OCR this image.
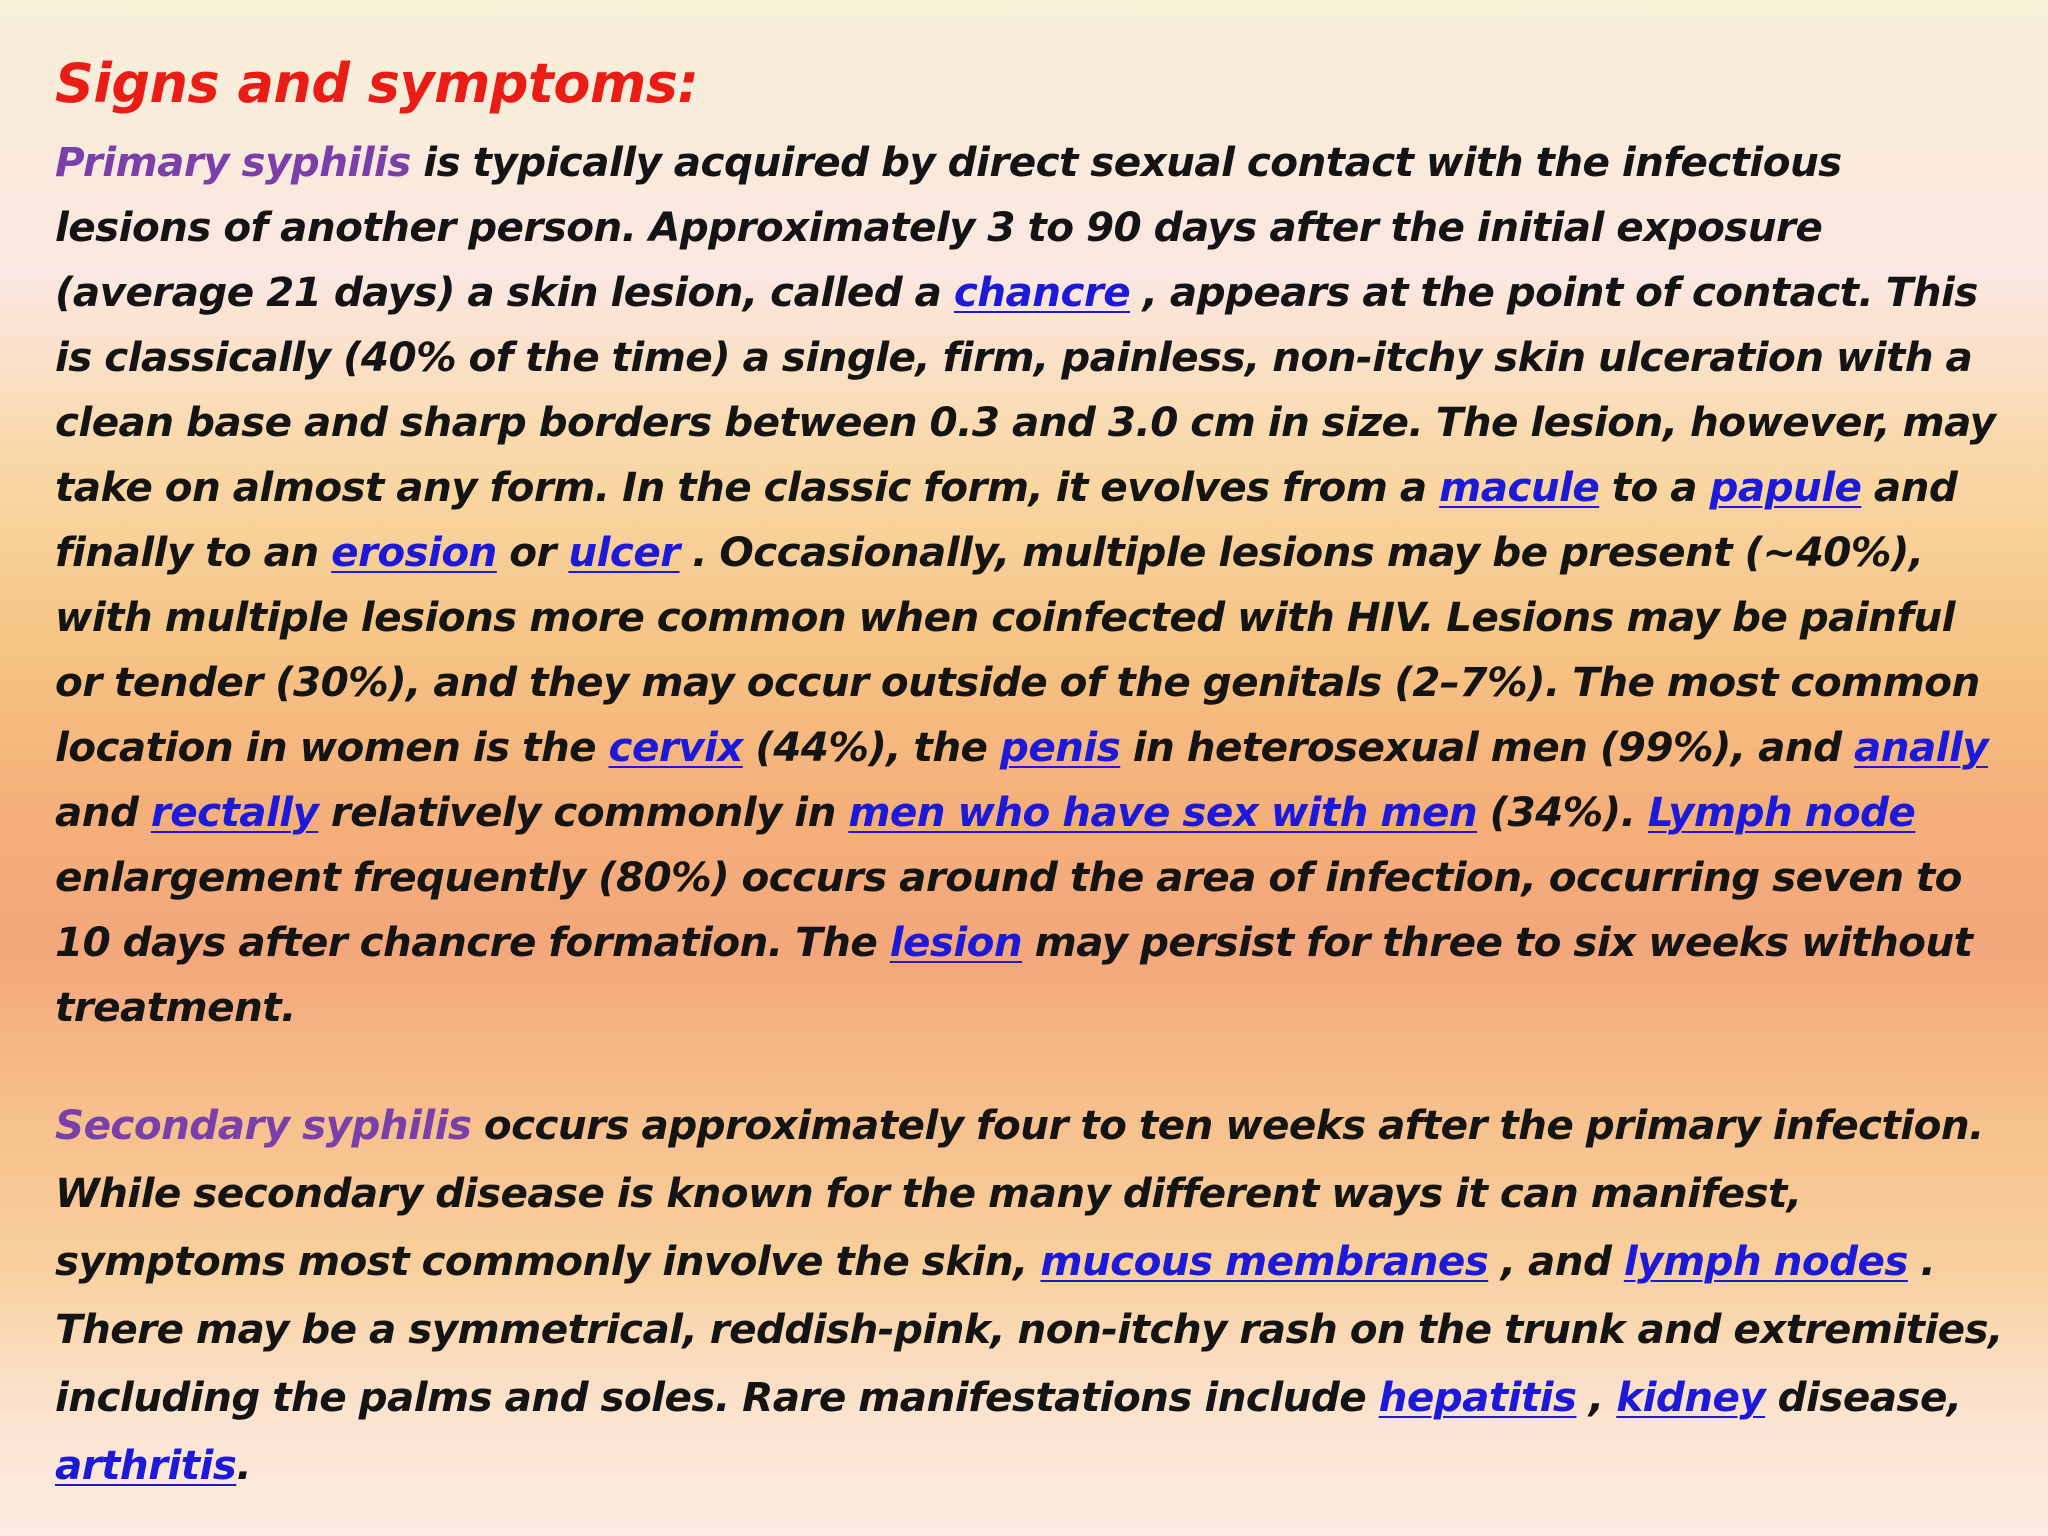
Signs and symptoms:

Primary syphilis is typically acquired by direct sexual contact with the infectious lesions of another person. Approximately 3 to 90 days after the initial exposure (average 21 days) a skin lesion, called a chancre , appears at the point of contact. This is classically (40% of the time) a single, firm, painless, non-itchy skin ulceration with a clean base and sharp borders between 0.3 and 3.0 cm in size. The lesion, however, may take on almost any form. In the classic form, it evolves from a macule to a papule and finally to an erosion or ulcer . Occasionally, multiple lesions may be present (~40%), with multiple lesions more common when coinfected with HIV. Lesions may be painful or tender (30%), and they may occur outside of the genitals (2–7%). The most common location in women is the cervix (44%), the penis in heterosexual men (99%), and anally and rectally relatively commonly in men who have sex with men (34%). Lymph node enlargement frequently (80%) occurs around the area of infection, occurring seven to 10 days after chancre formation. The lesion may persist for three to six weeks without treatment.

Secondary syphilis occurs approximately four to ten weeks after the primary infection. While secondary disease is known for the many different ways it can manifest, symptoms most commonly involve the skin, mucous membranes , and lymph nodes . There may be a symmetrical, reddish-pink, non-itchy rash on the trunk and extremities, including the palms and soles. Rare manifestations include hepatitis , kidney disease, arthritis.
